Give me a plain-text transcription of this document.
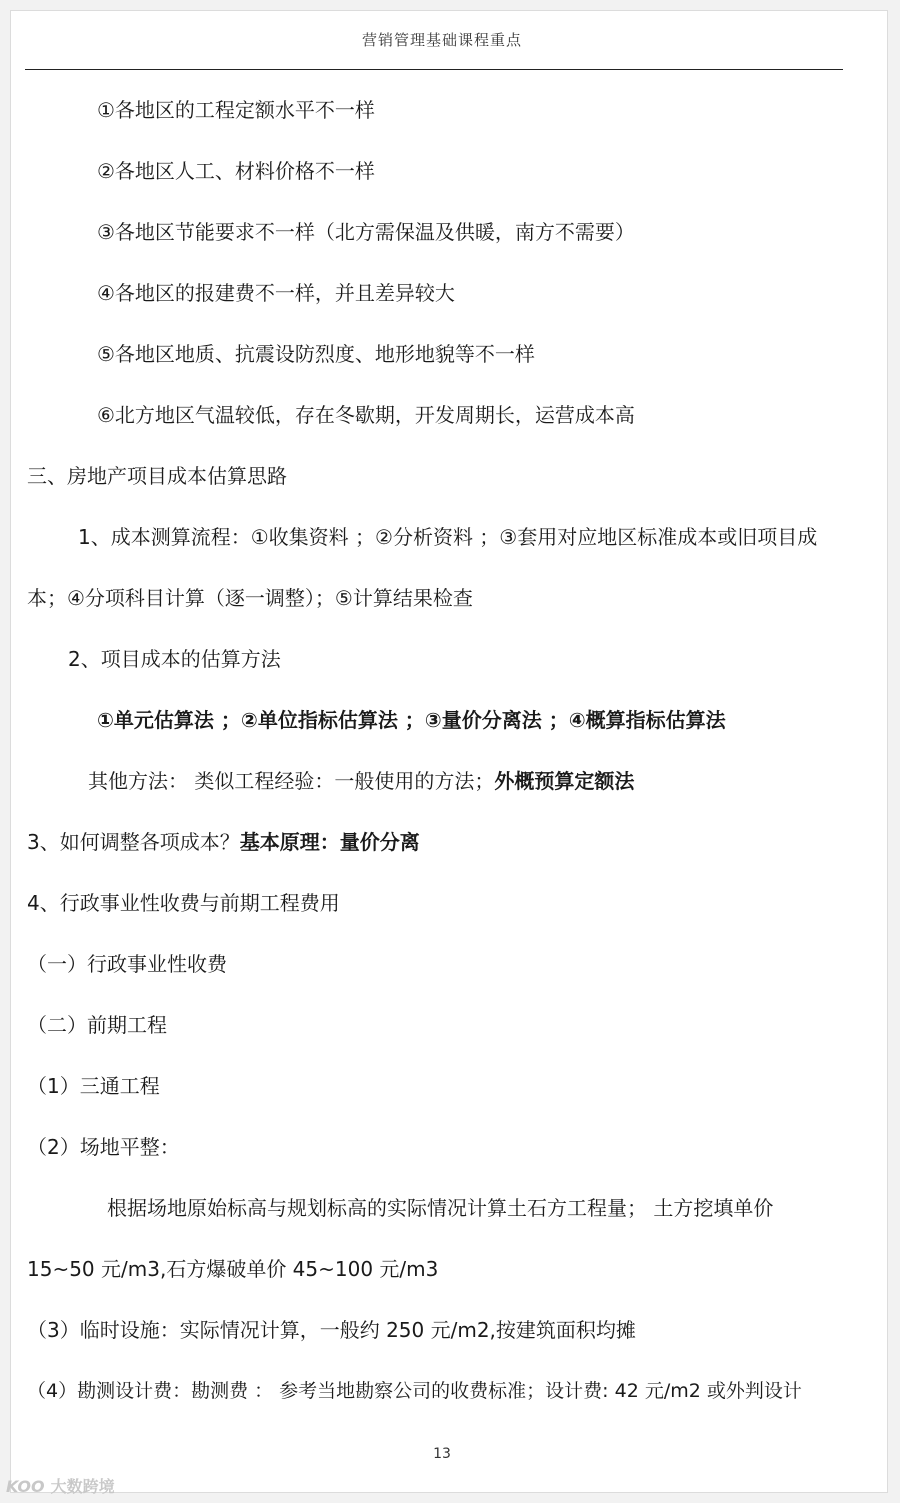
营销管理基础课程重点
①各地区的工程定额水平不一样
②各地区人工、材料价格不一样
③各地区节能要求不一样（北方需保温及供暖，南方不需要）
④各地区的报建费不一样，并且差异较大
⑤各地区地质、抗震设防烈度、地形地貌等不一样
⑥北方地区气温较低，存在冬歇期，开发周期长，运营成本高
三、房地产项目成本估算思路
1、成本测算流程：①收集资料 ；②分析资料 ；③套用对应地区标准成本或旧项目成
本；④分项科目计算（逐一调整）；⑤计算结果检查
2、项目成本的估算方法
①单元估算法 ；②单位指标估算法 ；③量价分离法 ；④概算指标估算法
其他方法： 类似工程经验：一般使用的方法；外概预算定额法
3、如何调整各项成本？基本原理：量价分离
4、行政事业性收费与前期工程费用
（一）行政事业性收费
（二）前期工程
（1）三通工程
（2）场地平整：
根据场地原始标高与规划标高的实际情况计算土石方工程量； 土方挖填单价
15~50 元/m3,石方爆破单价 45~100 元/m3
（3）临时设施：实际情况计算，一般约 250 元/m2,按建筑面积均摊
（4）勘测设计费：勘测费 ： 参考当地勘察公司的收费标准；设计费: 42 元/m2 或外判设计
13
KOO 大数跨境
